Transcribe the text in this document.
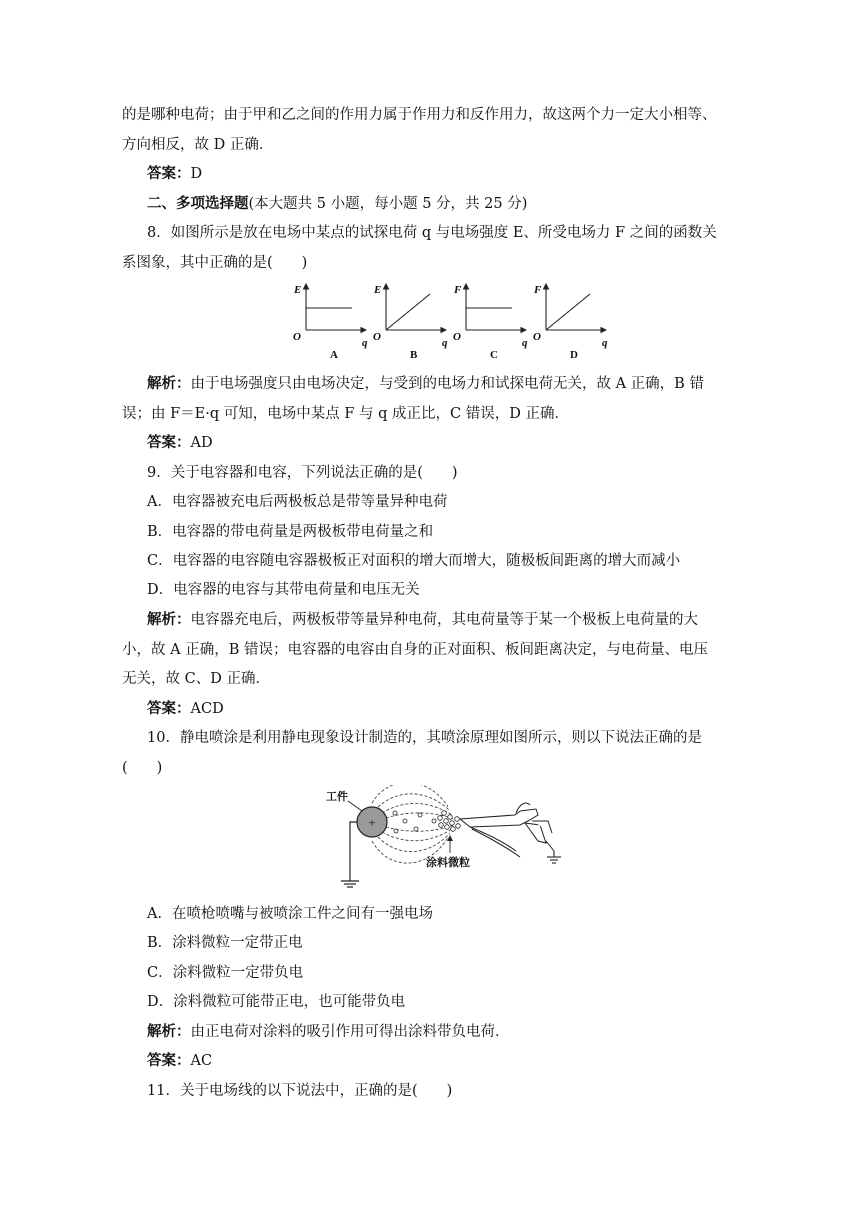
的是哪种电荷；由于甲和乙之间的作用力属于作用力和反作用力，故这两个力一定大小相等、
方向相反，故 D 正确．
答案：D
二、多项选择题(本大题共 5 小题，每小题 5 分，共 25 分)
8．如图所示是放在电场中某点的试探电荷 q 与电场强度 E、所受电场力 F 之间的函数关
系图象，其中正确的是(　　)
E
O	q
A
E
O	q
B
F
O	q
C
F
O	q
D
解析：由于电场强度只由电场决定，与受到的电场力和试探电荷无关，故 A 正确，B 错
误；由 F＝E·q 可知，电场中某点 F 与 q 成正比，C 错误，D 正确．
答案：AD
9．关于电容器和电容，下列说法正确的是(　　)
A．电容器被充电后两极板总是带等量异种电荷
B．电容器的带电荷量是两极板带电荷量之和
C．电容器的电容随电容器极板正对面积的增大而增大，随极板间距离的增大而减小
D．电容器的电容与其带电荷量和电压无关
解析：电容器充电后，两极板带等量异种电荷，其电荷量等于某一个极板上电荷量的大
小，故 A 正确，B 错误；电容器的电容由自身的正对面积、板间距离决定，与电荷量、电压
无关，故 C、D 正确．
答案：ACD
10．静电喷涂是利用静电现象设计制造的，其喷涂原理如图所示，则以下说法正确的是
(　　)
+
工件
涂料微粒
A．在喷枪喷嘴与被喷涂工件之间有一强电场
B．涂料微粒一定带正电
C．涂料微粒一定带负电
D．涂料微粒可能带正电，也可能带负电
解析：由正电荷对涂料的吸引作用可得出涂料带负电荷．
答案：AC
11．关于电场线的以下说法中，正确的是(　　)
